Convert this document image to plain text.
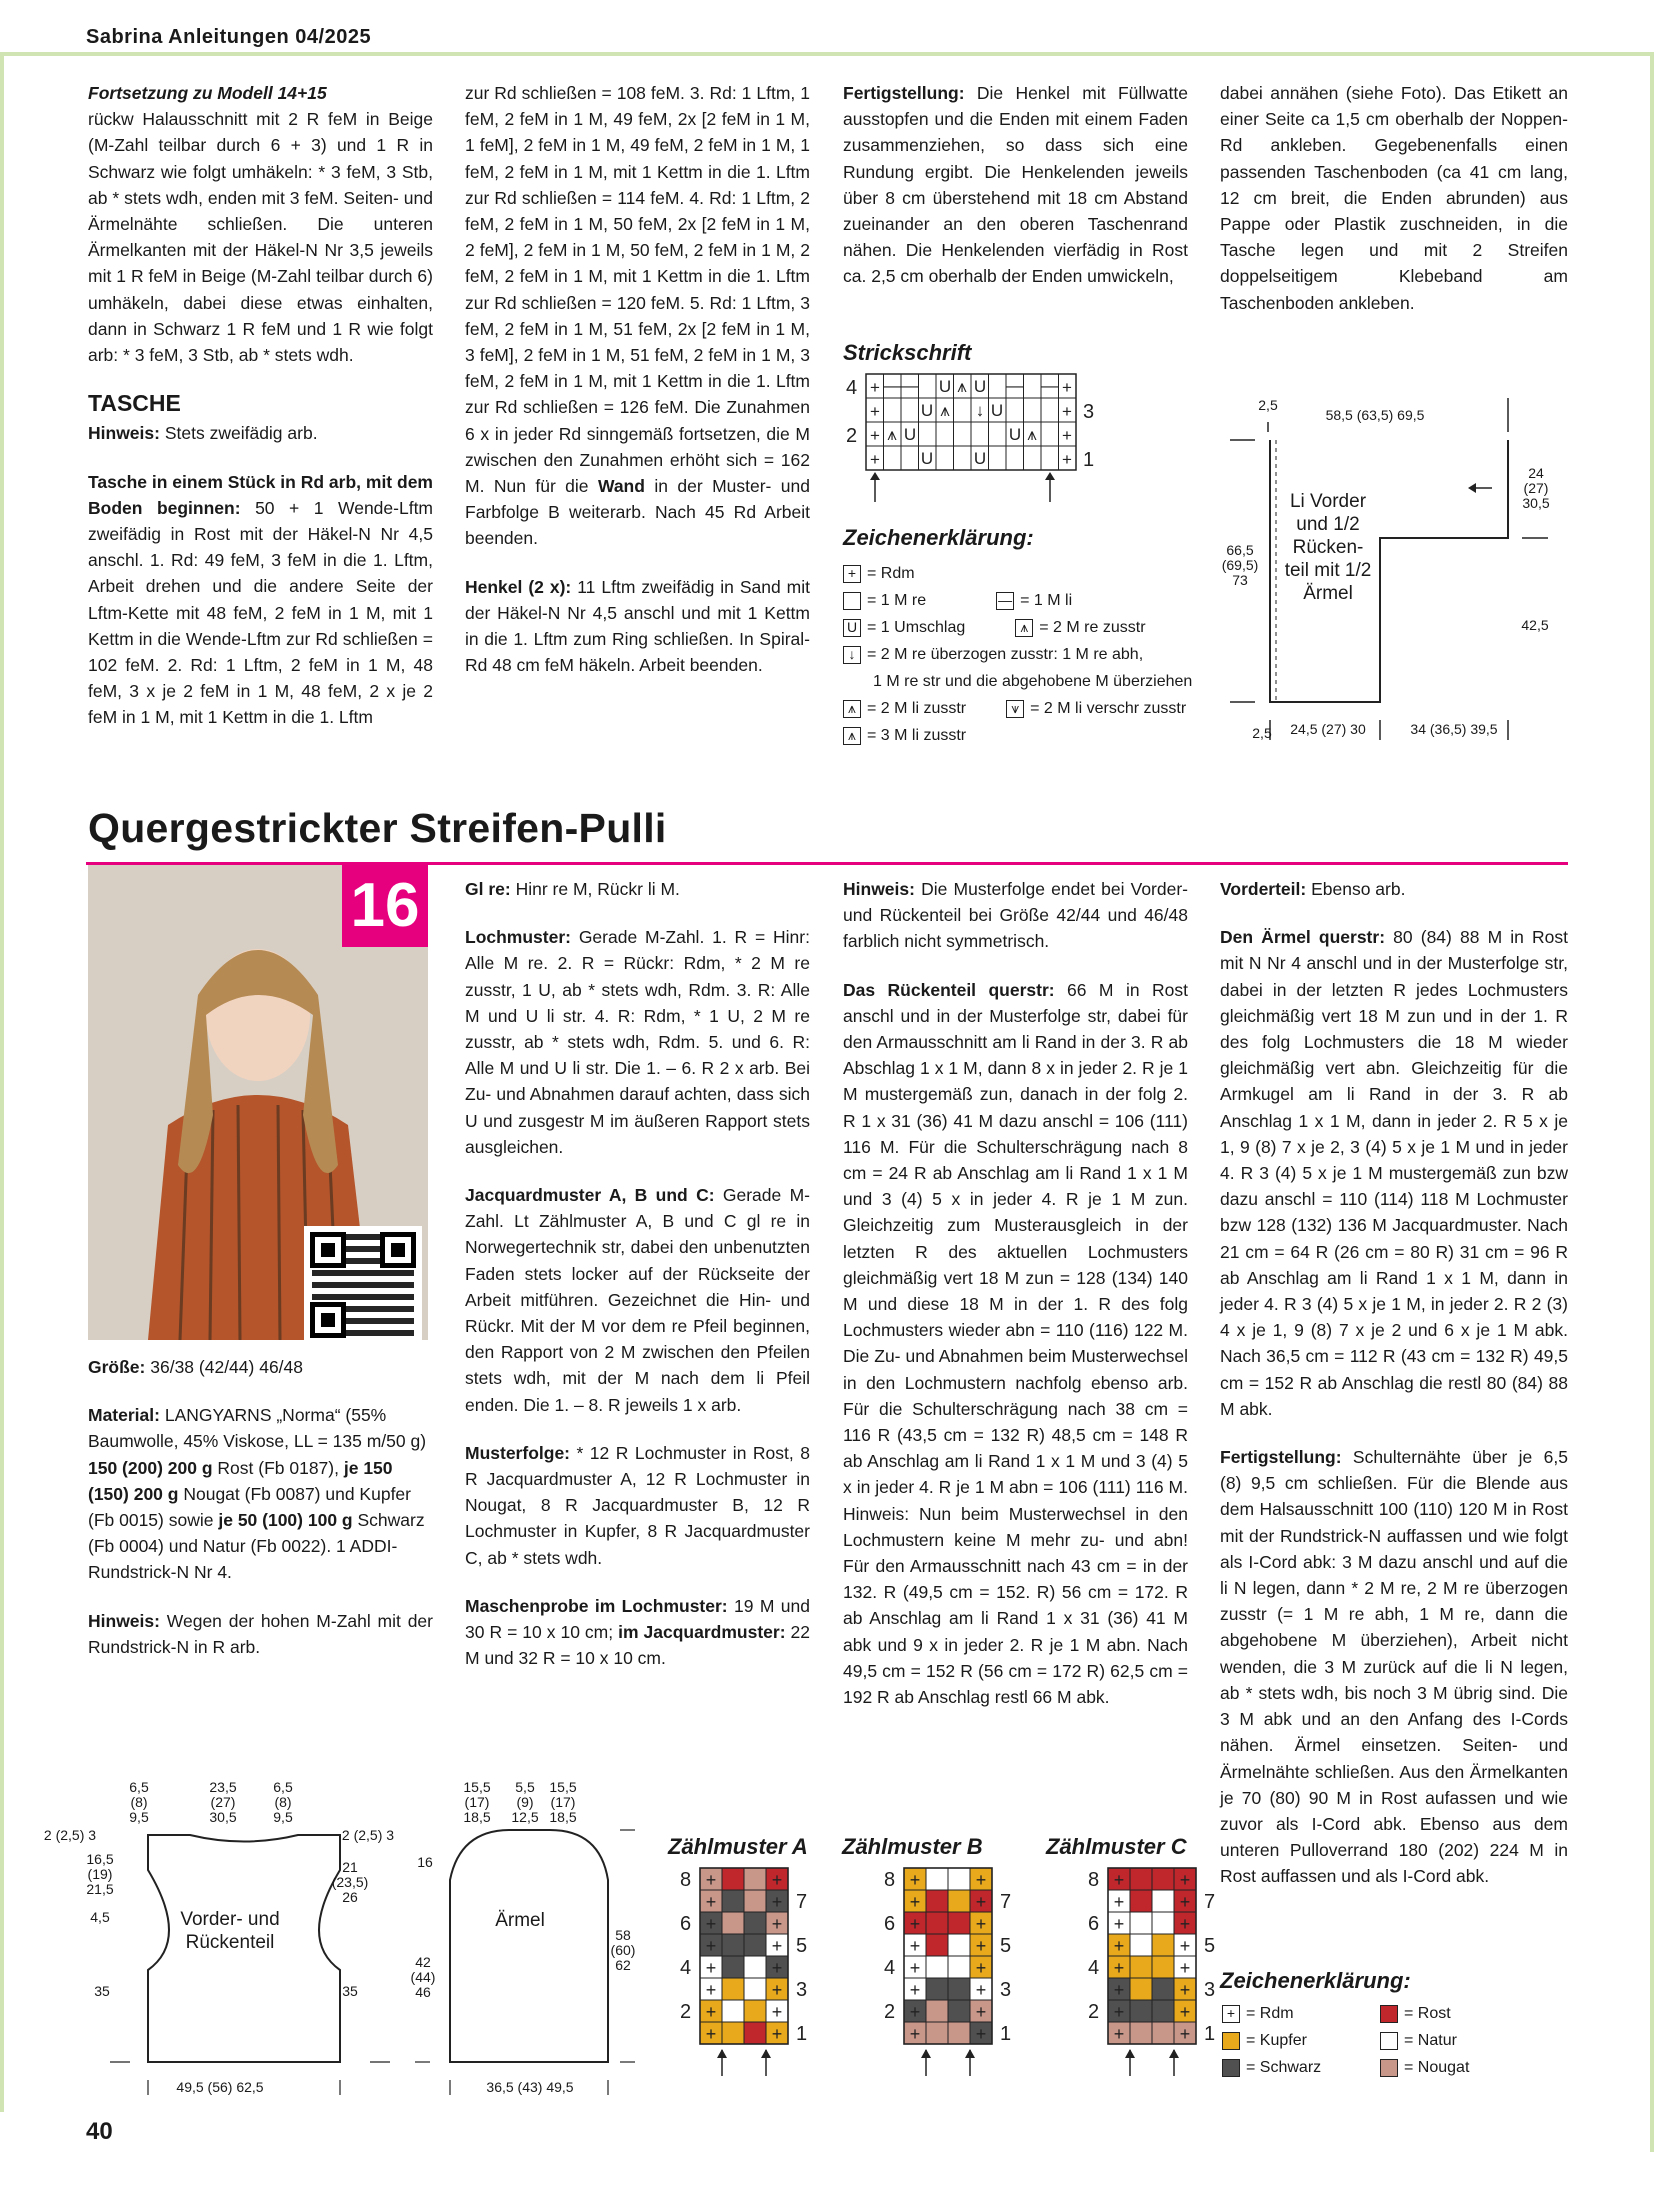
Sabrina Anleitungen 04/2025
Fortsetzung zu Modell 14+15

rückw Halausschnitt mit 2 R feM in Beige (M-Zahl teilbar durch 6 + 3) und 1 R in Schwarz wie folgt umhäkeln: * 3 feM, 3 Stb, ab * stets wdh, enden mit 3 feM. Seiten- und Ärmelnähte schließen. Die unteren Ärmelkanten mit der Häkel-N Nr 3,5 jeweils mit 1 R feM in Beige (M-Zahl teilbar durch 6) umhäkeln, dabei diese etwas einhalten, dann in Schwarz 1 R feM und 1 R wie folgt arb: * 3 feM, 3 Stb, ab * stets wdh.

TASCHE

Hinweis: Stets zweifädig arb.

Tasche in einem Stück in Rd arb, mit dem Boden beginnen: 50 + 1 Wende-Lftm zweifädig in Rost mit der Häkel-N Nr 4,5 anschl. 1. Rd: 49 feM, 3 feM in die 1. Lftm, Arbeit drehen und die andere Seite der Lftm-Kette mit 48 feM, 2 feM in 1 M, mit 1 Kettm in die Wende-Lftm zur Rd schließen = 102 feM. 2. Rd: 1 Lftm, 2 feM in 1 M, 48 feM, 3 x je 2 feM in 1 M, 48 feM, 2 x je 2 feM in 1 M, mit 1 Kettm in die 1. Lftm

zur Rd schließen = 108 feM. 3. Rd: 1 Lftm, 1 feM, 2 feM in 1 M, 49 feM, 2x [2 feM in 1 M, 1 feM], 2 feM in 1 M, 49 feM, 2 feM in 1 M, 1 feM, 2 feM in 1 M, mit 1 Kettm in die 1. Lftm zur Rd schließen = 114 feM. 4. Rd: 1 Lftm, 2 feM, 2 feM in 1 M, 50 feM, 2x [2 feM in 1 M, 2 feM], 2 feM in 1 M, 50 feM, 2 feM in 1 M, 2 feM, 2 feM in 1 M, mit 1 Kettm in die 1. Lftm zur Rd schließen = 120 feM. 5. Rd: 1 Lftm, 3 feM, 2 feM in 1 M, 51 feM, 2x [2 feM in 1 M, 3 feM], 2 feM in 1 M, 51 feM, 2 feM in 1 M, 3 feM, 2 feM in 1 M, mit 1 Kettm in die 1. Lftm zur Rd schließen = 126 feM. Die Zunahmen 6 x in jeder Rd sinngemäß fortsetzen, die M zwischen den Zunahmen erhöht sich = 162 M. Nun für die Wand in der Muster- und Farbfolge B weiterarb. Nach 45 Rd Arbeit beenden.

Henkel (2 x): 11 Lftm zweifädig in Sand mit der Häkel-N Nr 4,5 anschl und mit 1 Kettm in die 1. Lftm zum Ring schließen. In Spiral-Rd 48 cm feM häkeln. Arbeit beenden.

Fertigstellung: Die Henkel mit Füllwatte ausstopfen und die Enden mit einem Faden zusammenziehen, so dass sich eine Rundung ergibt. Die Henkelenden jeweils über 8 cm überstehend mit 18 cm Abstand zueinander an den oberen Taschenrand nähen. Die Henkelenden vierfädig in Rost ca. 2,5 cm oberhalb der Enden umwickeln,

dabei annähen (siehe Foto). Das Etikett an einer Seite ca 1,5 cm oberhalb der Noppen-Rd ankleben. Gegebenenfalls einen passenden Taschenboden (ca 41 cm lang, 12 cm breit, die Enden abrunden) aus Pappe oder Plastik zuschneiden, in die Tasche legen und mit 2 Streifen doppelseitigem Klebeband am Taschenboden ankleben.

Strickschrift
+	+
+	+
+	+
+	+
— — U U — —
U	↓ U
U	U
U U
⩚
⩚
⩚
⩚
4
3
2
1
Zeichenerklärung:
+ = Rdm
= 1 M re	— = 1 M li
U = 1 Umschlag	⩚ = 2 M re zusstr
↓ = 2 M re überzogen zusstr: 1 M re abh,
1 M re str und die abgehobene M überziehen
⩚ = 2 M li zusstr	⩛ = 2 M li verschr zusstr
⩚ = 3 M li zusstr
2,5
58,5 (63,5) 69,5
24 (27) 30,5
66,5 (69,5) 73
42,5
2,5	24,5 (27) 30	34 (36,5) 39,5
Li Vorder und 1/2 Rücken- teil mit 1/2 Ärmel
Quergestrickter Streifen-Pulli
16

Größe: 36/38 (42/44) 46/48

Material: LANGYARNS „Norma“ (55% Baumwolle, 45% Viskose, LL = 135 m/50 g) 150 (200) 200 g Rost (Fb 0187), je 150 (150) 200 g Nougat (Fb 0087) und Kupfer (Fb 0015) sowie je 50 (100) 100 g Schwarz (Fb 0004) und Natur (Fb 0022). 1 ADDI-Rundstrick-N Nr 4.

Hinweis: Wegen der hohen M-Zahl mit der Rundstrick-N in R arb.

Gl re: Hinr re M, Rückr li M.

Lochmuster: Gerade M-Zahl. 1. R = Hinr: Alle M re. 2. R = Rückr: Rdm, * 2 M re zusstr, 1 U, ab * stets wdh, Rdm. 3. R: Alle M und U li str. 4. R: Rdm, * 1 U, 2 M re zusstr, ab * stets wdh, Rdm. 5. und 6. R: Alle M und U li str. Die 1. – 6. R 2 x arb. Bei Zu- und Abnahmen darauf achten, dass sich U und zusgestr M im äußeren Rapport stets ausgleichen.

Jacquardmuster A, B und C: Gerade M-Zahl. Lt Zählmuster A, B und C gl re in Norwegertechnik str, dabei den unbenutzten Faden stets locker auf der Rückseite der Arbeit mitführen. Gezeichnet die Hin- und Rückr. Mit der M vor dem re Pfeil beginnen, den Rapport von 2 M zwischen den Pfeilen stets wdh, mit der M nach dem li Pfeil enden. Die 1. – 8. R jeweils 1 x arb.

Musterfolge: * 12 R Lochmuster in Rost, 8 R Jacquardmuster A, 12 R Lochmuster in Nougat, 8 R Jacquardmuster B, 12 R Lochmuster in Kupfer, 8 R Jacquardmuster C, ab * stets wdh.

Maschenprobe im Lochmuster: 19 M und 30 R = 10 x 10 cm; im Jacquardmuster: 22 M und 32 R = 10 x 10 cm.

Hinweis: Die Musterfolge endet bei Vorder- und Rückenteil bei Größe 42/44 und 46/48 farblich nicht symmetrisch.

Das Rückenteil querstr: 66 M in Rost anschl und in der Musterfolge str, dabei für den Armausschnitt am li Rand in der 3. R ab Abschlag 1 x 1 M, dann 8 x in jeder 2. R je 1 M mustergemäß zun, danach in der folg 2. R 1 x 31 (36) 41 M dazu anschl = 106 (111) 116 M. Für die Schulterschrägung nach 8 cm = 24 R ab Anschlag am li Rand 1 x 1 M und 3 (4) 5 x in jeder 4. R je 1 M zun. Gleichzeitig zum Musterausgleich in der letzten R des aktuellen Lochmusters gleichmäßig vert 18 M zun = 128 (134) 140 M und diese 18 M in der 1. R des folg Lochmusters wieder abn = 110 (116) 122 M. Die Zu- und Abnahmen beim Musterwechsel in den Lochmustern nachfolg ebenso arb. Für die Schulterschrägung nach 38 cm = 116 R (43,5 cm = 132 R) 48,5 cm = 148 R ab Anschlag am li Rand 1 x 1 M und 3 (4) 5 x in jeder 4. R je 1 M abn = 106 (111) 116 M. Hinweis: Nun beim Musterwechsel in den Lochmustern keine M mehr zu- und abn! Für den Armausschnitt nach 43 cm = in der 132. R (49,5 cm = 152. R) 56 cm = 172. R ab Anschlag am li Rand 1 x 31 (36) 41 M abk und 9 x in jeder 2. R je 1 M abn. Nach 49,5 cm = 152 R (56 cm = 172 R) 62,5 cm = 192 R ab Anschlag restl 66 M abk.

Vorderteil: Ebenso arb.

Den Ärmel querstr: 80 (84) 88 M in Rost mit N Nr 4 anschl und in der Musterfolge str, dabei in der letzten R jedes Lochmusters gleichmäßig vert 18 M zun und in der 1. R des folg Lochmusters die 18 M wieder gleichmäßig vert abn. Gleichzeitig für die Armkugel am li Rand in der 3. R ab Anschlag 1 x 1 M, dann in jeder 2. R 5 x je 1, 9 (8) 7 x je 2, 3 (4) 5 x je 1 M und in jeder 4. R 3 (4) 5 x je 1 M mustergemäß zun bzw dazu anschl = 110 (114) 118 M Lochmuster bzw 128 (132) 136 M Jacquardmuster. Nach 21 cm = 64 R (26 cm = 80 R) 31 cm = 96 R ab Anschlag am li Rand 1 x 1 M, dann in jeder 4. R 3 (4) 5 x je 1 M, in jeder 2. R 2 (3) 4 x je 1, 9 (8) 7 x je 2 und 6 x je 1 M abk. Nach 36,5 cm = 112 R (43 cm = 132 R) 49,5 cm = 152 R ab Anschlag die restl 80 (84) 88 M abk.

Fertigstellung: Schulternähte über je 6,5 (8) 9,5 cm schließen. Für die Blende aus dem Halsausschnitt 100 (110) 120 M in Rost mit der Rundstrick-N auffassen und wie folgt als I-Cord abk: 3 M dazu anschl und auf die li N legen, dann * 2 M re, 2 M re überzogen zusstr (= 1 M re abh, 1 M re, dann die abgehobene M überziehen), Arbeit nicht wenden, die 3 M zurück auf die li N legen, ab * stets wdh, bis noch 3 M übrig sind. Die 3 M abk und an den Anfang des I-Cords nähen. Ärmel einsetzen. Seiten- und Ärmelnähte schließen. Aus den Ärmelkanten je 70 (80) 90 M in Rost aufassen und wie zuvor als I-Cord abk. Ebenso aus dem unteren Pulloverrand 180 (202) 224 M in Rost auffassen und als I-Cord abk.

6,5 (8) 9,5
23,5 (27) 30,5
6,5 (8) 9,5
2 (2,5) 3	2 (2,5) 3
16,5 (19) 21,5
4,5
21 (23,5) 26
35	35
49,5 (56) 62,5
Vorder- und Rückenteil
15,5 (17) 18,5
5,5 (9) 12,5
15,5 (17) 18,5
16
42 (44) 46
58 (60) 62
36,5 (43) 49,5
Ärmel
Zählmuster A Zählmuster B	Zählmuster C
+	+
+	+
+	+
+	+
+	+
+	+
+	+
+	+
8
6
4
2
7
5
3
1
+	+
+	+
+	+
+	+
+	+
+	+
+	+
+	+
8
6
4
2
7
5
3
1
+	+
+	+
+	+
+	+
+	+
+	+
+	+
+	+
8
6
4
2
7
5
3
1
Zeichenerklärung:
+ = Rdm
= Kupfer
= Schwarz
= Rost
= Natur
= Nougat
40
